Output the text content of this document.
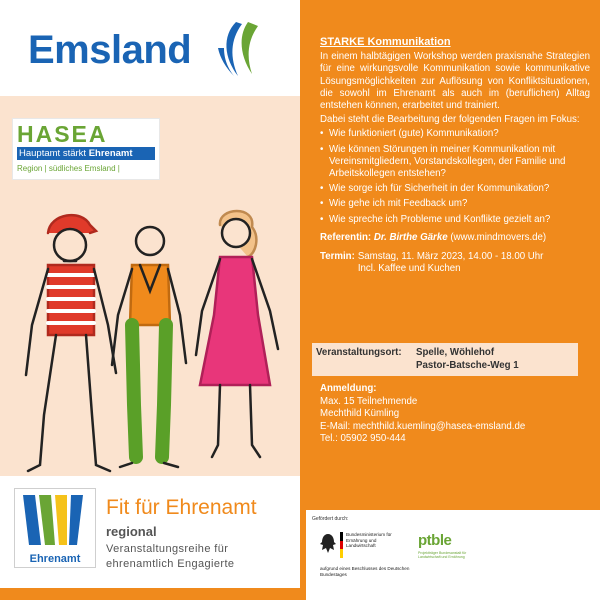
Emsland
HASEA
Hauptamt stärkt Ehrenamt
Region | südliches Emsland |
Ehrenamt
Fit für Ehrenamt
regional
Veranstaltungsreihe für
ehrenamtlich Engagierte
STARKE Kommunikation

In einem halbtägigen Workshop werden praxisnahe Strategien für eine wirkungsvolle Kommunikation sowie kommunikative Lösungsmöglichkeiten zur Auflösung von Konfliktsituationen, die sowohl im Ehrenamt als auch im (beruflichen) Alltag entstehen können, erarbeitet und trainiert.

Dabei steht die Bearbeitung der folgenden Fragen im Fokus:

• Wie funktioniert (gute) Kommunikation?
• Wie können Störungen in meiner Kommunikation mit Vereinsmitgliedern, Vorstandskollegen, der Familie und Arbeitskollegen entstehen?
• Wie sorge ich für Sicherheit in der Kommunikation?
• Wie gehe ich mit Feedback um?
• Wie spreche ich Probleme und Konflikte gezielt an?
Referentin: Dr. Birthe Gärke (www.mindmovers.de)
Termin: Samstag, 11. März 2023, 14.00 - 18.00 Uhr
Incl. Kaffee und Kuchen
Veranstaltungsort:	Spelle, Wöhlehof
Pastor-Batsche-Weg 1
Anmeldung:
Max. 15 Teilnehmende
Mechthild Kümling
E-Mail: mechthild.kuemling@hasea-emsland.de
Tel.: 05902 950-444
Gefördert durch:
Bundesministerium für Ernährung und Landwirtschaft
aufgrund eines Beschlusses des Deutschen Bundestages
ptble
Projektträger Bundesanstalt für Landwirtschaft und Ernährung
